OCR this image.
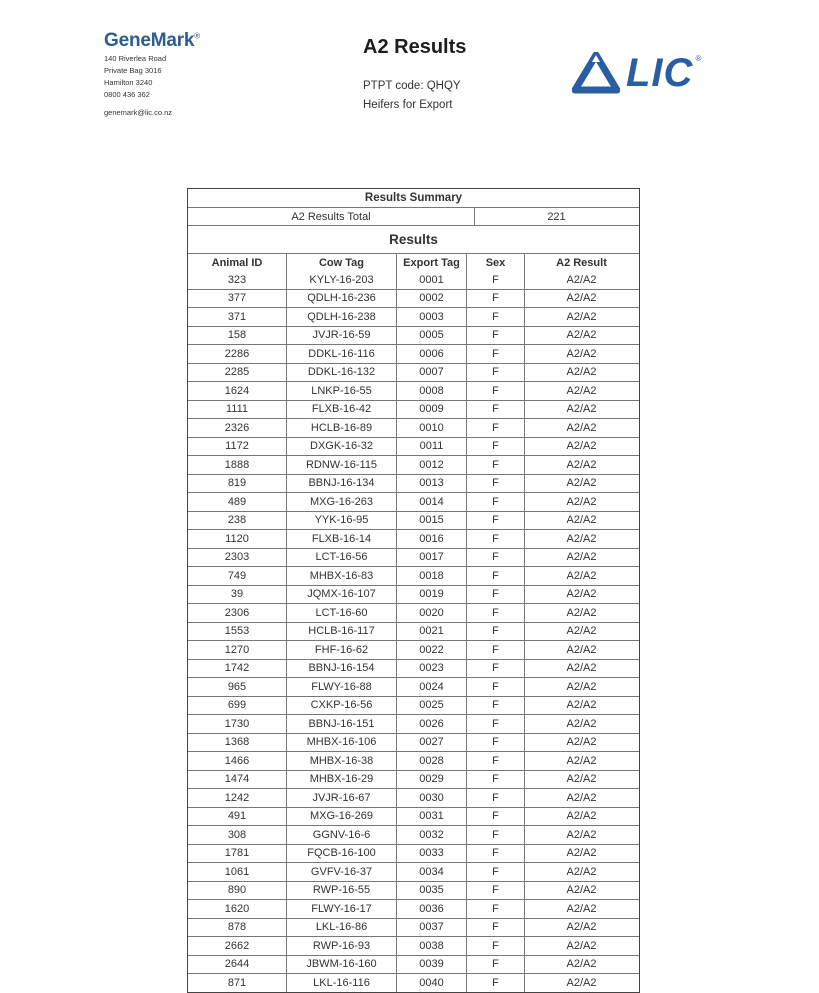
GeneMark®
140 Riverlea Road
Private Bag 3016
Hamilton 3240
0800 436 362
genemark@lic.co.nz
A2 Results
PTPT code: QHQY
Heifers for Export
LIC ®
Results Summary
A2 Results Total	221
Results
Animal ID	Cow Tag	Export Tag	Sex	A2 Result
323	KYLY-16-203	0001	F	A2/A2
377	QDLH-16-236	0002	F	A2/A2
371	QDLH-16-238	0003	F	A2/A2
158	JVJR-16-59	0005	F	A2/A2
2286	DDKL-16-116	0006	F	A2/A2
2285	DDKL-16-132	0007	F	A2/A2
1624	LNKP-16-55	0008	F	A2/A2
1111	FLXB-16-42	0009	F	A2/A2
2326	HCLB-16-89	0010	F	A2/A2
1172	DXGK-16-32	0011	F	A2/A2
1888	RDNW-16-115	0012	F	A2/A2
819	BBNJ-16-134	0013	F	A2/A2
489	MXG-16-263	0014	F	A2/A2
238	YYK-16-95	0015	F	A2/A2
1120	FLXB-16-14	0016	F	A2/A2
2303	LCT-16-56	0017	F	A2/A2
749	MHBX-16-83	0018	F	A2/A2
39	JQMX-16-107	0019	F	A2/A2
2306	LCT-16-60	0020	F	A2/A2
1553	HCLB-16-117	0021	F	A2/A2
1270	FHF-16-62	0022	F	A2/A2
1742	BBNJ-16-154	0023	F	A2/A2
965	FLWY-16-88	0024	F	A2/A2
699	CXKP-16-56	0025	F	A2/A2
1730	BBNJ-16-151	0026	F	A2/A2
1368	MHBX-16-106	0027	F	A2/A2
1466	MHBX-16-38	0028	F	A2/A2
1474	MHBX-16-29	0029	F	A2/A2
1242	JVJR-16-67	0030	F	A2/A2
491	MXG-16-269	0031	F	A2/A2
308	GGNV-16-6	0032	F	A2/A2
1781	FQCB-16-100	0033	F	A2/A2
1061	GVFV-16-37	0034	F	A2/A2
890	RWP-16-55	0035	F	A2/A2
1620	FLWY-16-17	0036	F	A2/A2
878	LKL-16-86	0037	F	A2/A2
2662	RWP-16-93	0038	F	A2/A2
2644	JBWM-16-160	0039	F	A2/A2
871	LKL-16-116	0040	F	A2/A2
